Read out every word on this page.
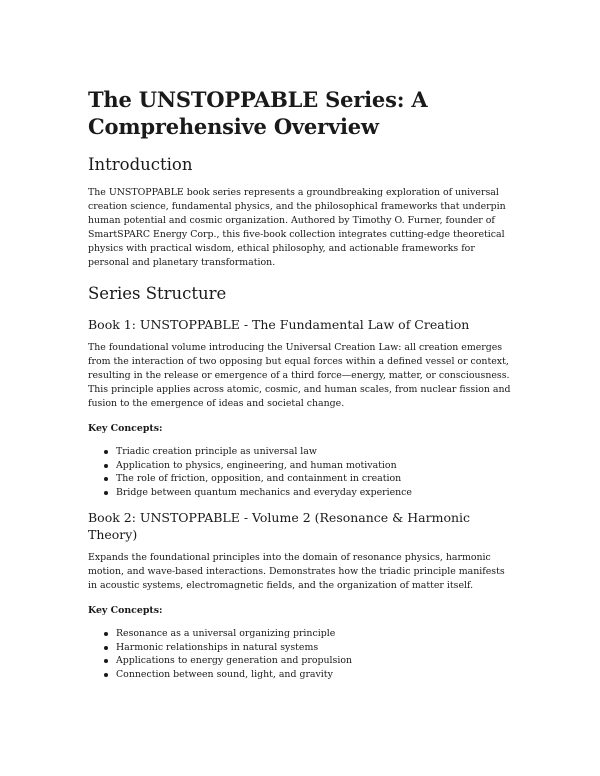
The UNSTOPPABLE Series: A Comprehensive Overview
Introduction

The UNSTOPPABLE book series represents a groundbreaking exploration of universal creation science, fundamental physics, and the philosophical frameworks that underpin human potential and cosmic organization. Authored by Timothy O. Furner, founder of SmartSPARC Energy Corp., this five-book collection integrates cutting-edge theoretical physics with practical wisdom, ethical philosophy, and actionable frameworks for personal and planetary transformation.

Series Structure
Book 1: UNSTOPPABLE - The Fundamental Law of Creation

The foundational volume introducing the Universal Creation Law: all creation emerges from the interaction of two opposing but equal forces within a defined vessel or context, resulting in the release or emergence of a third force—energy, matter, or consciousness. This principle applies across atomic, cosmic, and human scales, from nuclear fission and fusion to the emergence of ideas and societal change.

Key Concepts:

Triadic creation principle as universal law
Application to physics, engineering, and human motivation
The role of friction, opposition, and containment in creation
Bridge between quantum mechanics and everyday experience
Book 2: UNSTOPPABLE - Volume 2 (Resonance & Harmonic Theory)

Expands the foundational principles into the domain of resonance physics, harmonic motion, and wave-based interactions. Demonstrates how the triadic principle manifests in acoustic systems, electromagnetic fields, and the organization of matter itself.

Key Concepts:

Resonance as a universal organizing principle
Harmonic relationships in natural systems
Applications to energy generation and propulsion
Connection between sound, light, and gravity
